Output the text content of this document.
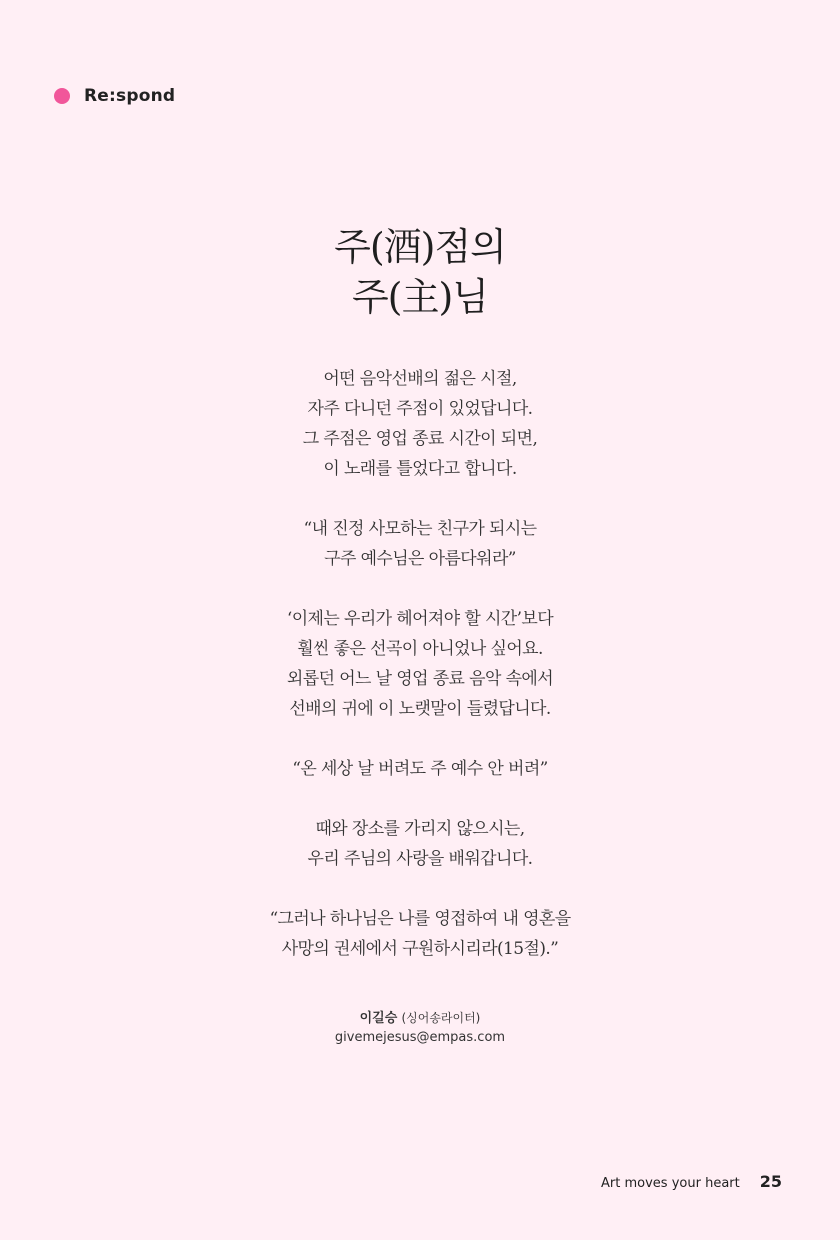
Re:spond
주(酒)점의
주(主)님
어떤 음악선배의 젊은 시절,
자주 다니던 주점이 있었답니다.
그 주점은 영업 종료 시간이 되면,
이 노래를 틀었다고 합니다.
“내 진정 사모하는 친구가 되시는
구주 예수님은 아름다워라”
‘이제는 우리가 헤어져야 할 시간’보다
훨씬 좋은 선곡이 아니었나 싶어요.
외롭던 어느 날 영업 종료 음악 속에서
선배의 귀에 이 노랫말이 들렸답니다.
“온 세상 날 버려도 주 예수 안 버려”
때와 장소를 가리지 않으시는,
우리 주님의 사랑을 배워갑니다.
“그러나 하나님은 나를 영접하여 내 영혼을
사망의 권세에서 구원하시리라(15절).”
이길승 (싱어송라이터)
givemejesus@empas.com
Art moves your heart 25
